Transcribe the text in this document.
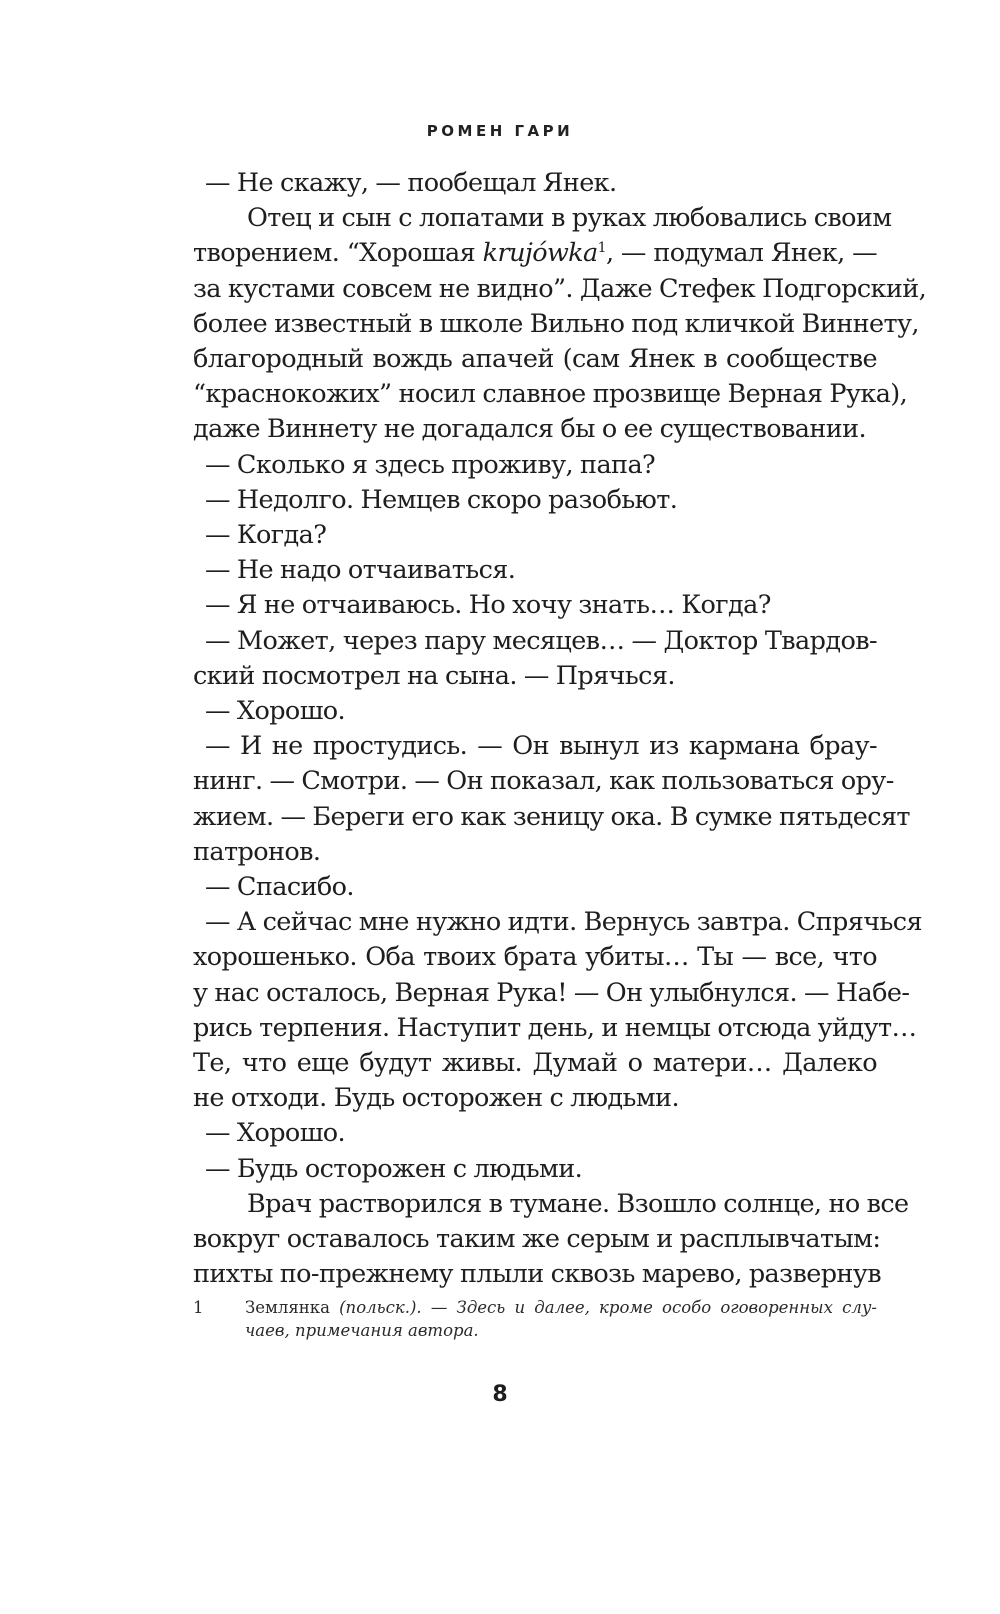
РОМЕН ГАРИ
— Не скажу, — пообещал Янек.
Отец и сын с лопатами в руках любовались своим
творением. “Хорошая krujówka$^1$, — подумал Янек, —
за кустами совсем не видно”. Даже Стефек Подгорский,
более известный в школе Вильно под кличкой Виннету,
благородный вождь апачей (сам Янек в сообществе
“краснокожих” носил славное прозвище Верная Рука),
даже Виннету не догадался бы о ее существовании.
— Сколько я здесь проживу, папа?
— Недолго. Немцев скоро разобьют.
— Когда?
— Не надо отчаиваться.
— Я не отчаиваюсь. Но хочу знать… Когда?
— Может, через пару месяцев… — Доктор Твардов-
ский посмотрел на сына. — Прячься.
— Хорошо.
— И не простудись. — Он вынул из кармана брау-
нинг. — Смотри. — Он показал, как пользоваться ору-
жием. — Береги его как зеницу ока. В сумке пятьдесят
патронов.
— Спасибо.
— А сейчас мне нужно идти. Вернусь завтра. Спрячься
хорошенько. Оба твоих брата убиты… Ты — все, что
у нас осталось, Верная Рука! — Он улыбнулся. — Набе-
рись терпения. Наступит день, и немцы отсюда уйдут…
Те, что еще будут живы. Думай о матери… Далеко
не отходи. Будь осторожен с людьми.
— Хорошо.
— Будь осторожен с людьми.
Врач растворился в тумане. Взошло солнце, но все
вокруг оставалось таким же серым и расплывчатым:
пихты по-прежнему плыли сквозь марево, развернув
1	Землянка (польск.). — Здесь и далее, кроме особо оговоренных слу-
чаев, примечания автора.
8
